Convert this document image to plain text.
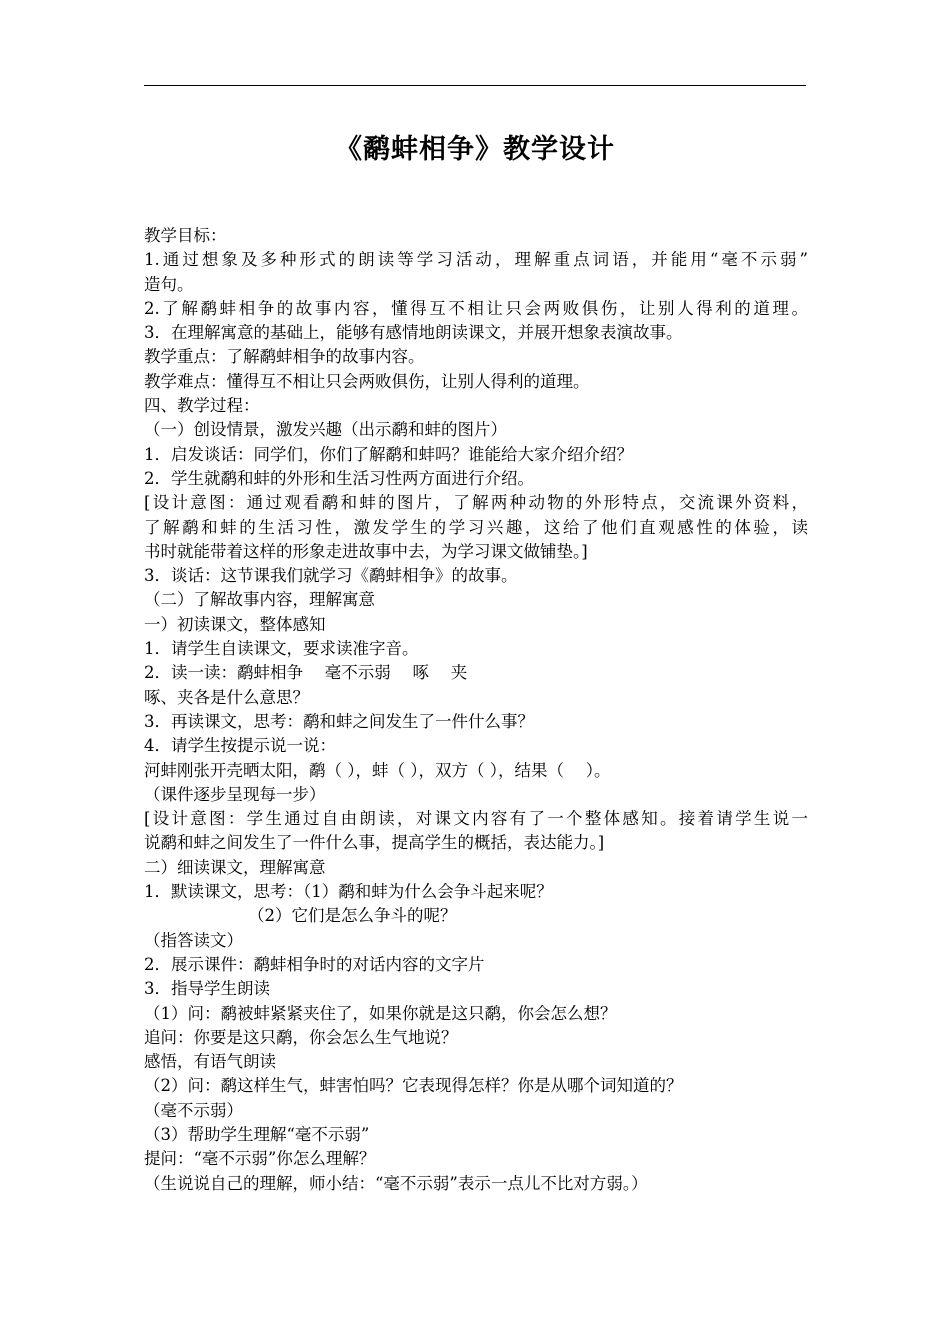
《鹬蚌相争》教学设计
教学目标：
1.通过想象及多种形式的朗读等学习活动，理解重点词语，并能用“毫不示弱”
造句。
2.了解鹬蚌相争的故事内容，懂得互不相让只会两败俱伤，让别人得利的道理。
3．在理解寓意的基础上，能够有感情地朗读课文，并展开想象表演故事。
教学重点：了解鹬蚌相争的故事内容。
教学难点：懂得互不相让只会两败俱伤，让别人得利的道理。
四、教学过程：
（一）创设情景，激发兴趣（出示鹬和蚌的图片）
1．启发谈话：同学们，你们了解鹬和蚌吗？谁能给大家介绍介绍？
2．学生就鹬和蚌的外形和生活习性两方面进行介绍。
[设计意图：通过观看鹬和蚌的图片，了解两种动物的外形特点，交流课外资料，
了解鹬和蚌的生活习性，激发学生的学习兴趣，这给了他们直观感性的体验，读
书时就能带着这样的形象走进故事中去，为学习课文做铺垫。]
3．谈话：这节课我们就学习《鹬蚌相争》的故事。
（二）了解故事内容，理解寓意
一）初读课文，整体感知
1．请学生自读课文，要求读准字音。
2．读一读：鹬蚌相争　 毫不示弱　 啄　 夹
啄、夹各是什么意思？
3．再读课文，思考：鹬和蚌之间发生了一件什么事？
4．请学生按提示说一说：
河蚌刚张开壳晒太阳，鹬（ ），蚌（ ），双方（ ），结果（　 ）。
（课件逐步呈现每一步）
[设计意图：学生通过自由朗读，对课文内容有了一个整体感知。接着请学生说一
说鹬和蚌之间发生了一件什么事，提高学生的概括，表达能力。]
二）细读课文，理解寓意
1．默读课文，思考：（1）鹬和蚌为什么会争斗起来呢？
（2）它们是怎么争斗的呢？
（指答读文）
2．展示课件：鹬蚌相争时的对话内容的文字片
3．指导学生朗读
（1）问：鹬被蚌紧紧夹住了，如果你就是这只鹬，你会怎么想？
追问：你要是这只鹬，你会怎么生气地说？
感悟，有语气朗读
（2）问：鹬这样生气，蚌害怕吗？它表现得怎样？你是从哪个词知道的？
（毫不示弱）
（3）帮助学生理解“毫不示弱”
提问：“毫不示弱”你怎么理解？
（生说说自己的理解，师小结：“毫不示弱”表示一点儿不比对方弱。）
